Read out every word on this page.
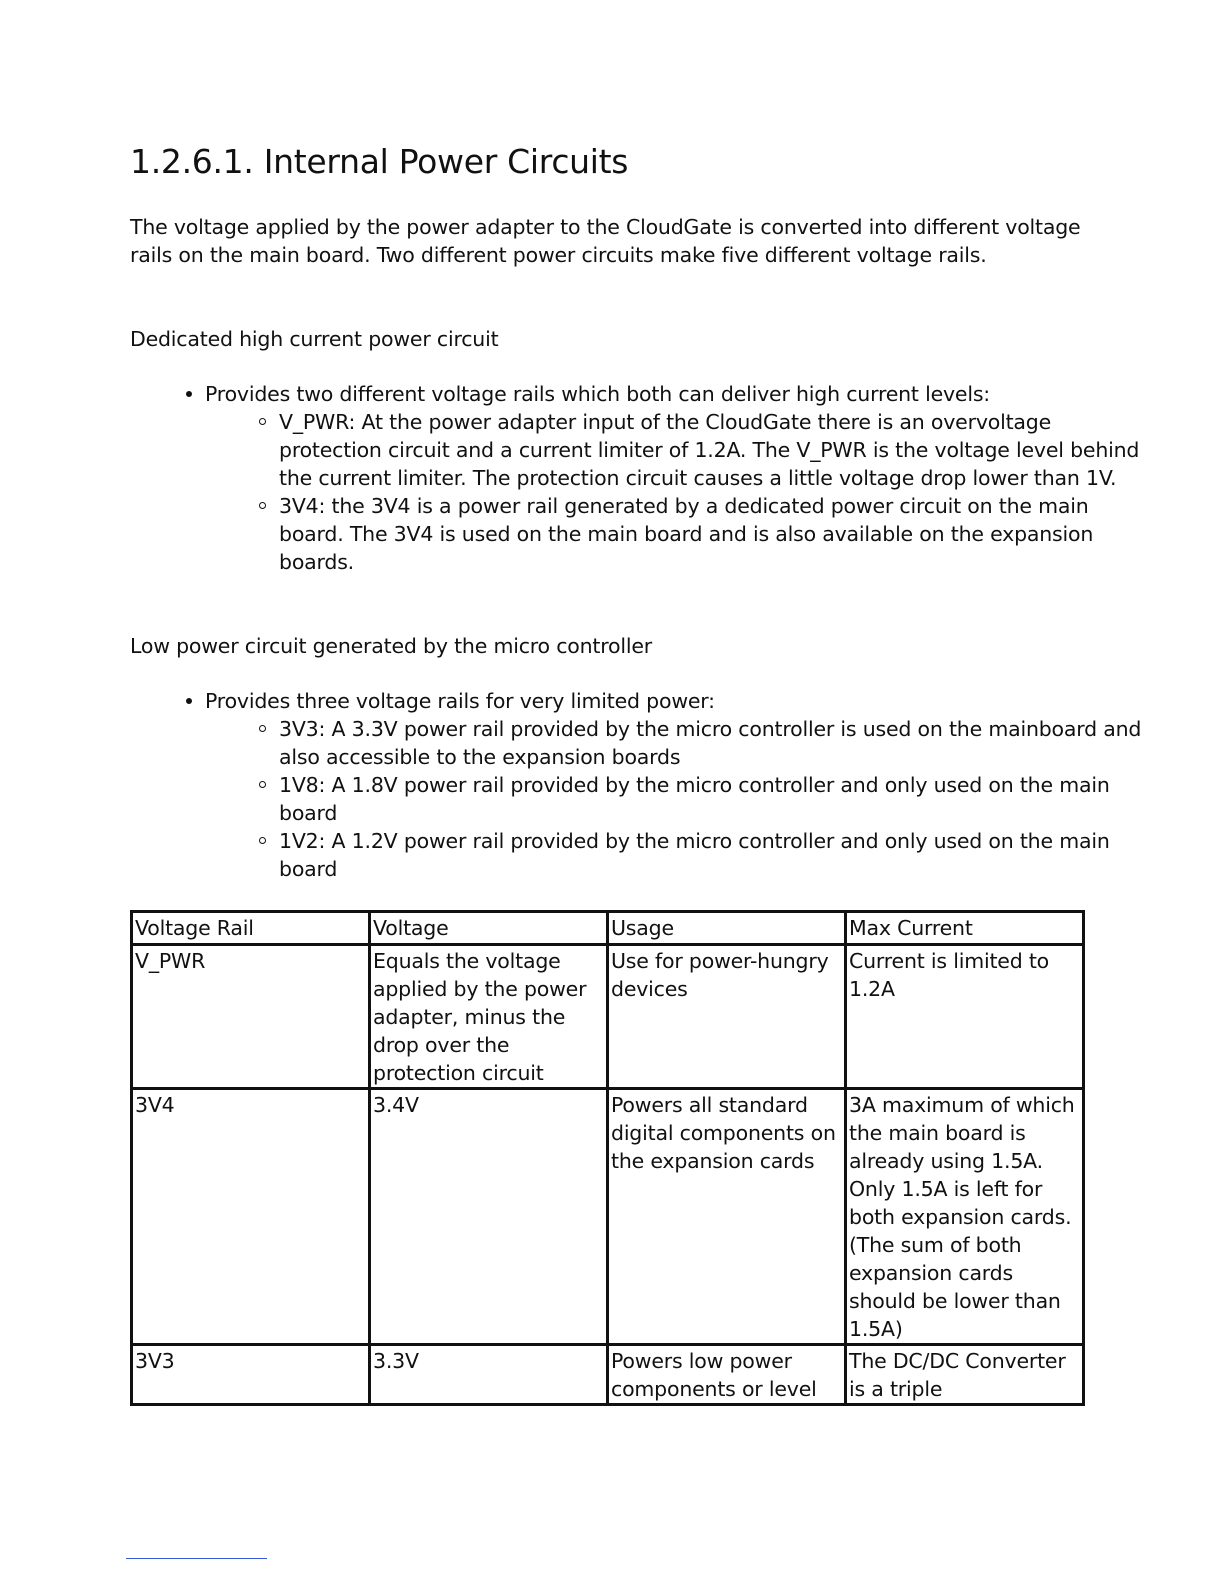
1.2.6.1. Internal Power Circuits

The voltage applied by the power adapter to the CloudGate is converted into different voltage rails on the main board. Two different power circuits make five different voltage rails.

Dedicated high current power circuit

Provides two different voltage rails which both can deliver high current levels:
V_PWR: At the power adapter input of the CloudGate there is an overvoltage protection circuit and a current limiter of 1.2A. The V_PWR is the voltage level behind the current limiter. The protection circuit causes a little voltage drop lower than 1V.
3V4: the 3V4 is a power rail generated by a dedicated power circuit on the main board. The 3V4 is used on the main board and is also available on the expansion boards.

Low power circuit generated by the micro controller

Provides three voltage rails for very limited power:
3V3: A 3.3V power rail provided by the micro controller is used on the mainboard and also accessible to the expansion boards
1V8: A 1.8V power rail provided by the micro controller and only used on the main board
1V2: A 1.2V power rail provided by the micro controller and only used on the main board
Voltage Rail	Voltage	Usage	Max Current
V_PWR	Equals the voltage applied by the power adapter, minus the drop over the protection circuit	Use for power-hungry devices	Current is limited to 1.2A
3V4	3.4V	Powers all standard digital components on the expansion cards	3A maximum of which the main board is already using 1.5A. Only 1.5A is left for both expansion cards. (The sum of both expansion cards should be lower than 1.5A)
3V3	3.3V	Powers low power components or level	The DC/DC Converter is a triple
